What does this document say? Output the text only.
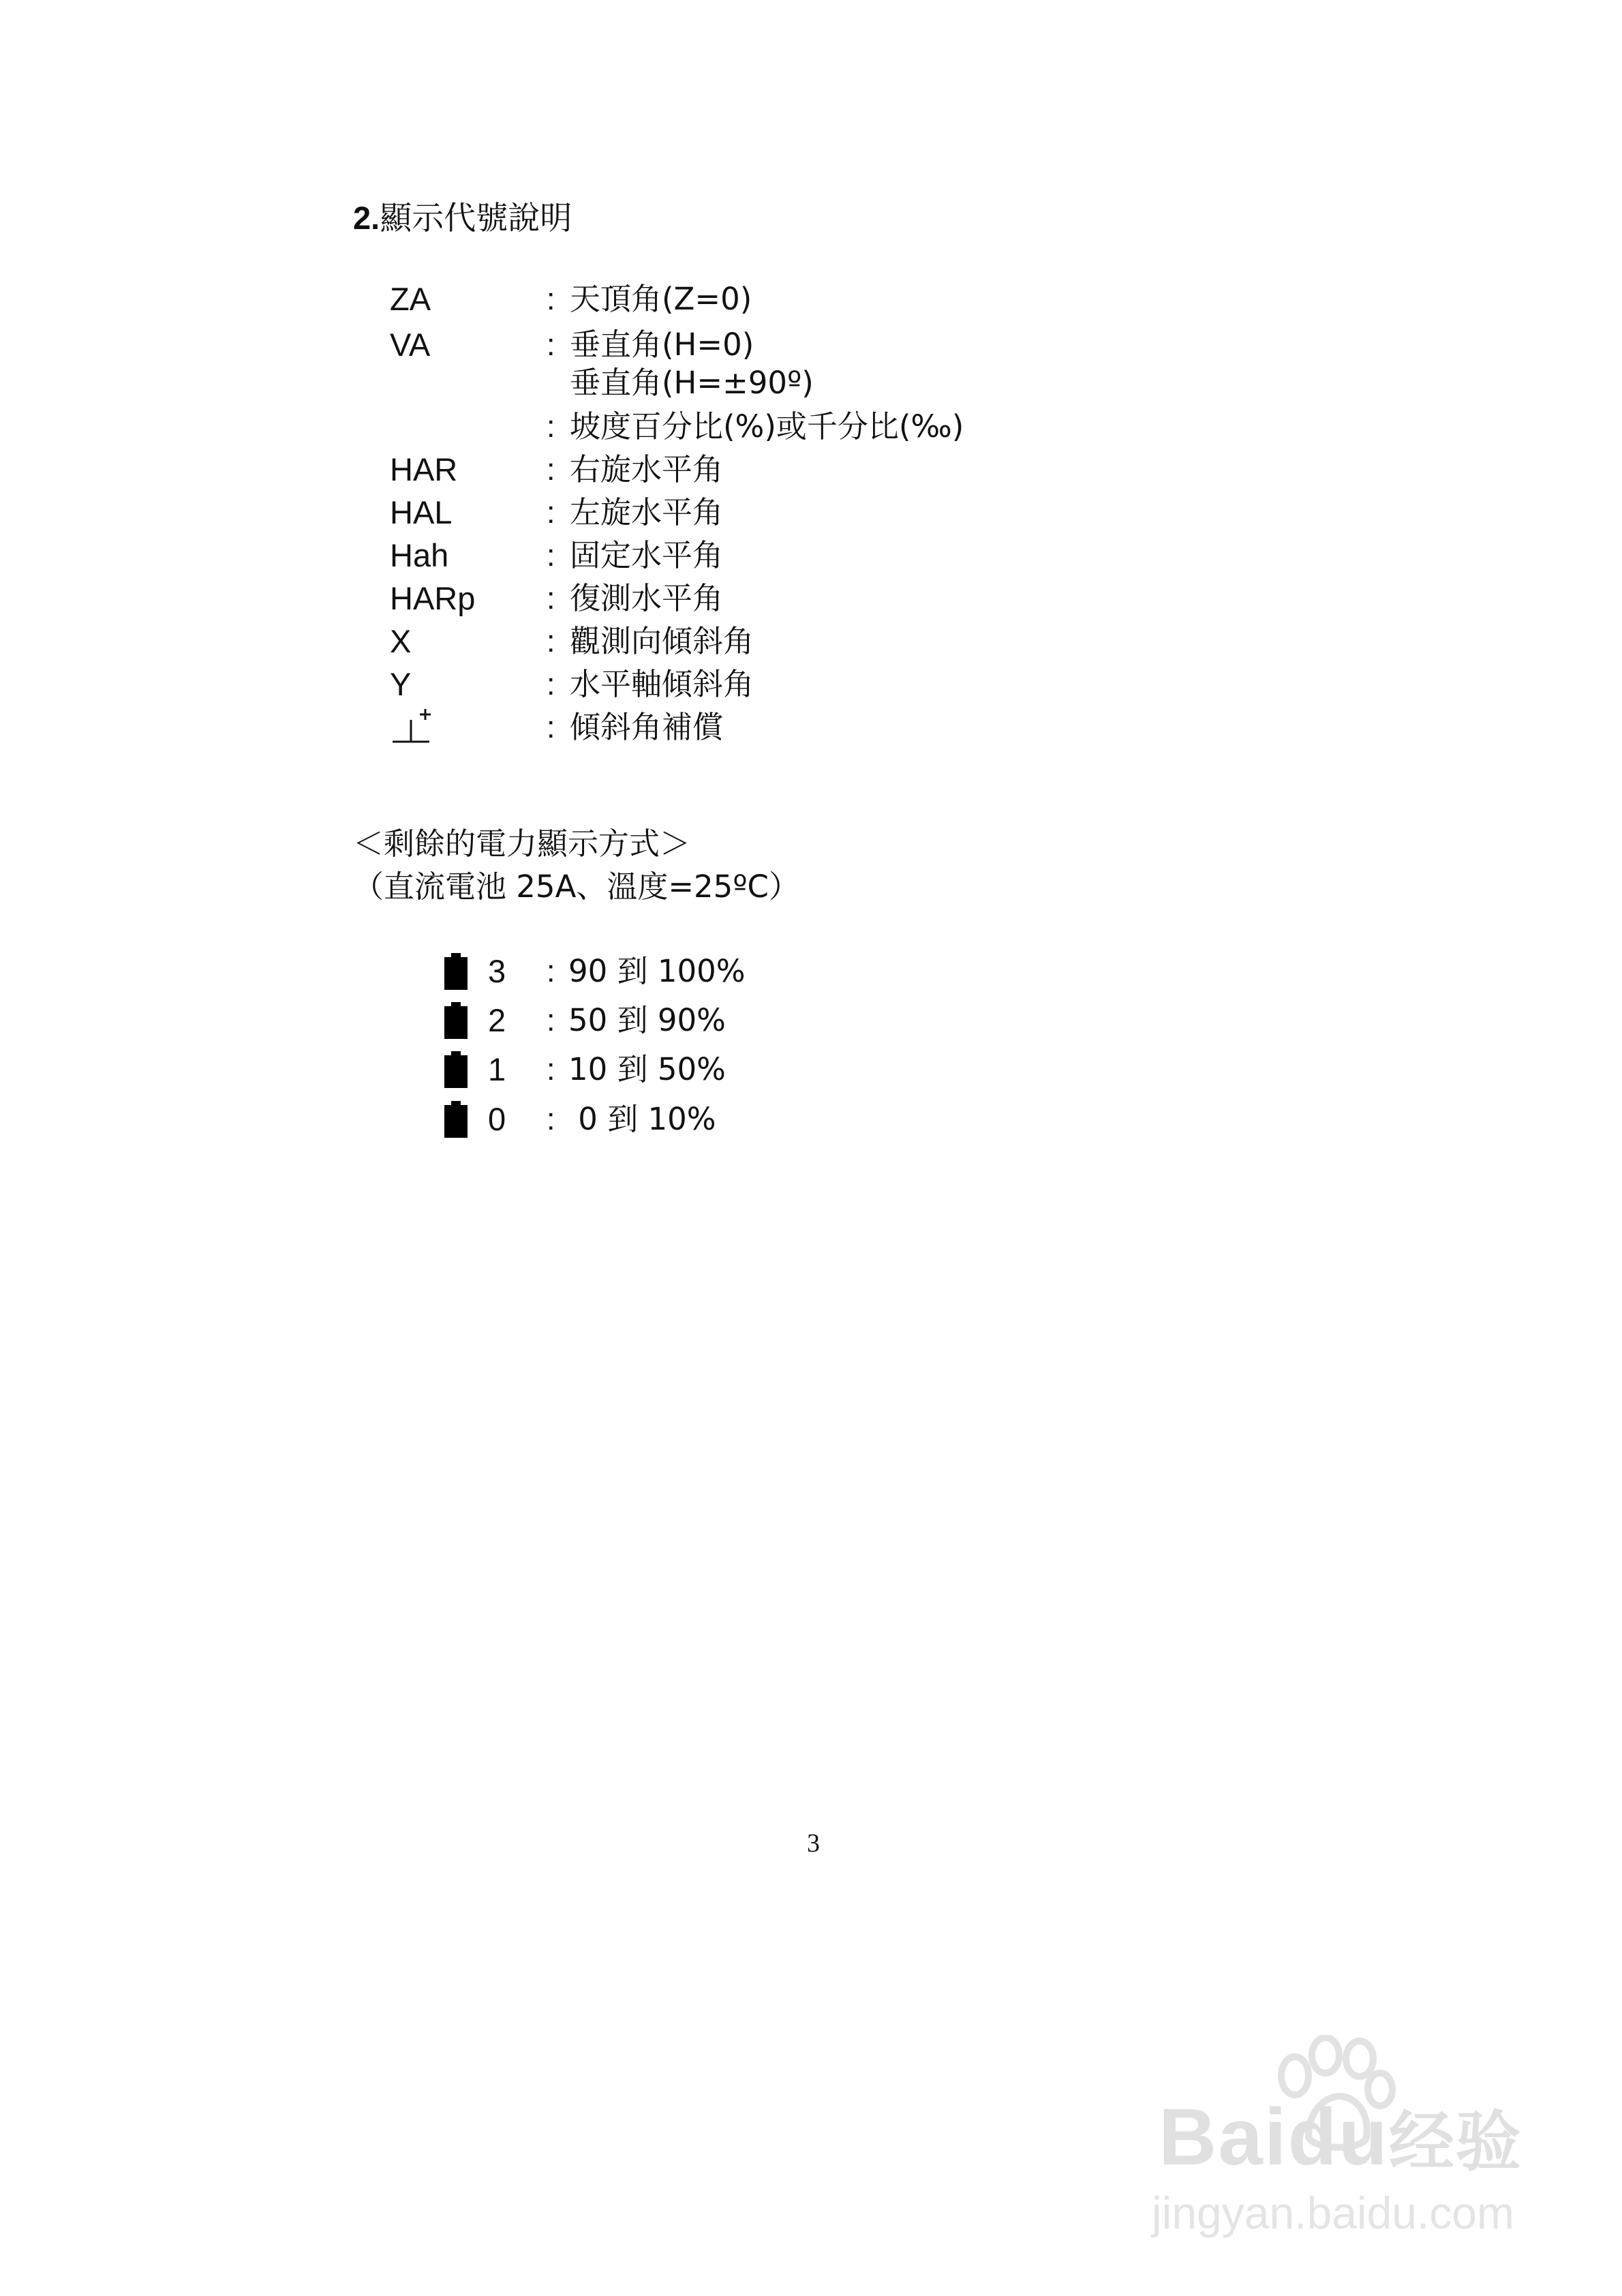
2.顯示代號說明
ZA	: 天頂角(Z=0)
VA	: 垂直角(H=0)
垂直角(H=±90º)
: 坡度百分比(%)或千分比(‰)
HAR	: 右旋水平角
HAL	: 左旋水平角
Hah	: 固定水平角
HARp : 復測水平角
X	: 觀測向傾斜角
Y	: 水平軸傾斜角
: 傾斜角補償
＜剩餘的電力顯示方式＞
（直流電池 25A、溫度=25ºC）
3 : 90 到 100%
2 : 50 到 90%
1 : 10 到 50%
0 : 0 到 10%
3
Baidu经验
jingyan.baidu.com
